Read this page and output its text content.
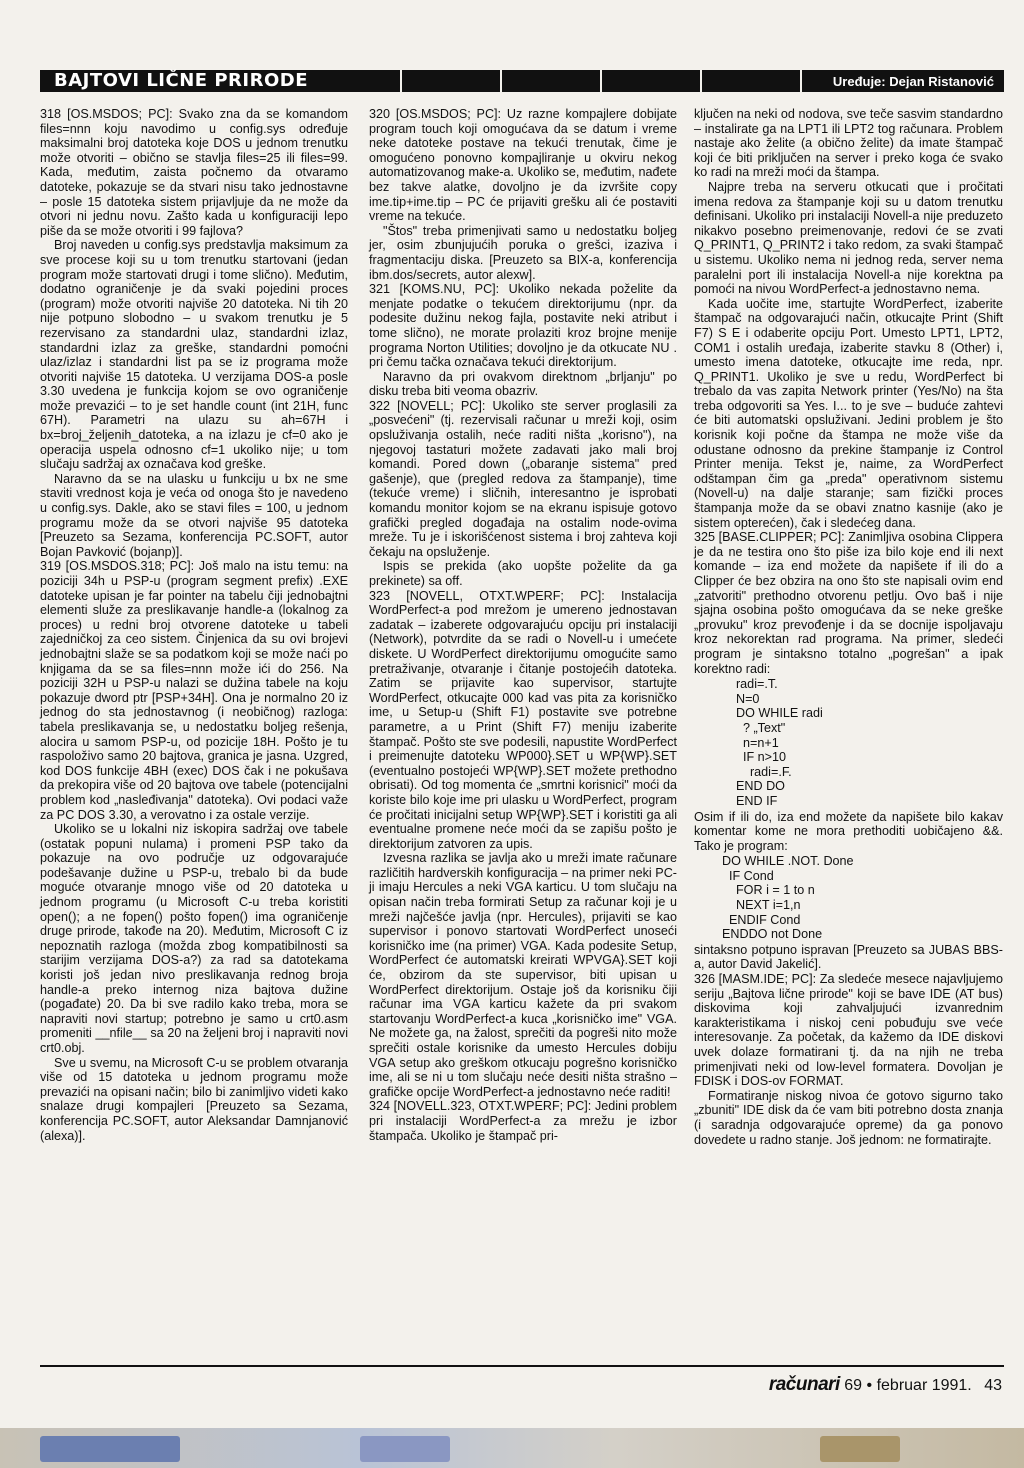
BAJTOVI LIČNE PRIRODE	Uređuje: Dejan Ristanović

318 [OS.MSDOS; PC]: Svako zna da se komandom files=nnn koju navodimo u config.sys određuje maksimalni broj datoteka koje DOS u jednom trenutku može otvoriti – obično se stavlja files=25 ili files=99. Kada, međutim, zaista počnemo da otvaramo datoteke, pokazuje se da stvari nisu tako jednostavne – posle 15 datoteka sistem prijavljuje da ne može da otvori ni jednu novu. Zašto kada u konfiguraciji lepo piše da se može otvoriti i 99 fajlova?

Broj naveden u config.sys predstavlja maksimum za sve procese koji su u tom trenutku startovani (jedan program može startovati drugi i tome slično). Međutim, dodatno ograničenje je da svaki pojedini proces (program) može otvoriti najviše 20 datoteka. Ni tih 20 nije potpuno slobodno – u svakom trenutku je 5 rezervisano za standardni ulaz, standardni izlaz, standardni izlaz za greške, standardni pomoćni ulaz/izlaz i standardni list pa se iz programa može otvoriti najviše 15 datoteka. U verzijama DOS-a posle 3.30 uvedena je funkcija kojom se ovo ograničenje može prevazići – to je set handle count (int 21H, func 67H). Parametri na ulazu su ah=67H i bx=broj_željenih_datoteka, a na izlazu je cf=0 ako je operacija uspela odnosno cf=1 ukoliko nije; u tom slučaju sadržaj ax označava kod greške.

Naravno da se na ulasku u funkciju u bx ne sme staviti vrednost koja je veća od onoga što je navedeno u config.sys. Dakle, ako se stavi files = 100, u jednom programu može da se otvori najviše 95 datoteka [Preuzeto sa Sezama, konferencija PC.SOFT, autor Bojan Pavković (bojanp)].

319 [OS.MSDOS.318; PC]: Još malo na istu temu: na poziciji 34h u PSP-u (program segment prefix) .EXE datoteke upisan je far pointer na tabelu čiji jednobajtni elementi služe za preslikavanje handle-a (lokalnog za proces) u redni broj otvorene datoteke u tabeli zajedničkoj za ceo sistem. Činjenica da su ovi brojevi jednobajtni slaže se sa podatkom koji se može naći po knjigama da se sa files=nnn može ići do 256. Na poziciji 32H u PSP-u nalazi se dužina tabele na koju pokazuje dword ptr [PSP+34H]. Ona je normalno 20 iz jednog do sta jednostavnog (i neobičnog) razloga: tabela preslikavanja se, u nedostatku boljeg rešenja, alocira u samom PSP-u, od pozicije 18H. Pošto je tu raspoloživo samo 20 bajtova, granica je jasna. Uzgred, kod DOS funkcije 4BH (exec) DOS čak i ne pokušava da prekopira više od 20 bajtova ove tabele (potencijalni problem kod „nasleđivanja" datoteka). Ovi podaci važe za PC DOS 3.30, a verovatno i za ostale verzije.

Ukoliko se u lokalni niz iskopira sadržaj ove tabele (ostatak popuni nulama) i promeni PSP tako da pokazuje na ovo područje uz odgovarajuće podešavanje dužine u PSP-u, trebalo bi da bude moguće otvaranje mnogo više od 20 datoteka u jednom programu (u Microsoft C-u treba koristiti open(); a ne fopen() pošto fopen() ima ograničenje druge prirode, takođe na 20). Međutim, Microsoft C iz nepoznatih razloga (možda zbog kompatibilnosti sa starijim verzijama DOS-a?) za rad sa datotekama koristi još jedan nivo preslikavanja rednog broja handle-a preko internog niza bajtova dužine (pogađate) 20. Da bi sve radilo kako treba, mora se napraviti novi startup; potrebno je samo u crt0.asm promeniti __nfile__ sa 20 na željeni broj i napraviti novi crt0.obj.

Sve u svemu, na Microsoft C-u se problem otvaranja više od 15 datoteka u jednom programu može prevazići na opisani način; bilo bi zanimljivo videti kako snalaze drugi kompajleri [Preuzeto sa Sezama, konferencija PC.SOFT, autor Aleksandar Damnjanović (alexa)].

320 [OS.MSDOS; PC]: Uz razne kompajlere dobijate program touch koji omogućava da se datum i vreme neke datoteke postave na tekući trenutak, čime je omogućeno ponovno kompajliranje u okviru nekog automatizovanog make-a. Ukoliko se, međutim, nađete bez takve alatke, dovoljno je da izvršite copy ime.tip+ime.tip – PC će prijaviti grešku ali će postaviti vreme na tekuće.

"Štos" treba primenjivati samo u nedostatku boljeg jer, osim zbunjujućih poruka o grešci, izaziva i fragmentaciju diska. [Preuzeto sa BIX-a, konferencija ibm.dos/secrets, autor alexw].

321 [KOMS.NU, PC]: Ukoliko nekada poželite da menjate podatke o tekućem direktorijumu (npr. da podesite dužinu nekog fajla, postavite neki atribut i tome slično), ne morate prolaziti kroz brojne menije programa Norton Utilities; dovoljno je da otkucate NU . pri čemu tačka označava tekući direktorijum.

Naravno da pri ovakvom direktnom „brljanju" po disku treba biti veoma obazriv.

322 [NOVELL; PC]: Ukoliko ste server proglasili za „posvećeni" (tj. rezervisali računar u mreži koji, osim opsluživanja ostalih, neće raditi ništa „korisno"), na njegovoj tastaturi možete zadavati jako mali broj komandi. Pored down („obaranje sistema" pred gašenje), que (pregled redova za štampanje), time (tekuće vreme) i sličnih, interesantno je isprobati komandu monitor kojom se na ekranu ispisuje gotovo grafički pregled događaja na ostalim node-ovima mreže. Tu je i iskorišćenost sistema i broj zahteva koji čekaju na opsluženje.

Ispis se prekida (ako uopšte poželite da ga prekinete) sa off.

323 [NOVELL, OTXT.WPERF; PC]: Instalacija WordPerfect-a pod mrežom je umereno jednostavan zadatak – izaberete odgovarajuću opciju pri instalaciji (Network), potvrdite da se radi o Novell-u i umećete diskete. U WordPerfect direktorijumu omogućite samo pretraživanje, otvaranje i čitanje postojećih datoteka. Zatim se prijavite kao supervisor, startujte WordPerfect, otkucajte 000 kad vas pita za korisničko ime, u Setup-u (Shift F1) postavite sve potrebne parametre, a u Print (Shift F7) meniju izaberite štampač. Pošto ste sve podesili, napustite WordPerfect i preimenujte datoteku WP000}.SET u WP{WP}.SET (eventualno postojeći WP{WP}.SET možete prethodno obrisati). Od tog momenta će „smrtni korisnici" moći da koriste bilo koje ime pri ulasku u WordPerfect, program će pročitati inicijalni setup WP{WP}.SET i koristiti ga ali eventualne promene neće moći da se zapišu pošto je direktorijum zatvoren za upis.

Izvesna razlika se javlja ako u mreži imate računare različitih hardverskih konfiguracija – na primer neki PC-ji imaju Hercules a neki VGA karticu. U tom slučaju na opisan način treba formirati Setup za računar koji je u mreži najčešće javlja (npr. Hercules), prijaviti se kao supervisor i ponovo startovati WordPerfect unoseći korisničko ime (na primer) VGA. Kada podesite Setup, WordPerfect će automatski kreirati WPVGA}.SET koji će, obzirom da ste supervisor, biti upisan u WordPerfect direktorijum. Ostaje još da korisniku čiji računar ima VGA karticu kažete da pri svakom startovanju WordPerfect-a kuca „korisničko ime" VGA. Ne možete ga, na žalost, sprečiti da pogreši nito može sprečiti ostale korisnike da umesto Hercules dobiju VGA setup ako greškom otkucaju pogrešno korisničko ime, ali se ni u tom slučaju neće desiti ništa strašno – grafičke opcije WordPerfect-a jednostavno neće raditi!

324 [NOVELL.323, OTXT.WPERF; PC]: Jedini problem pri instalaciji WordPerfect-a za mrežu je izbor štampača. Ukoliko je štampač pri-

ključen na neki od nodova, sve teče sasvim standardno – instalirate ga na LPT1 ili LPT2 tog računara. Problem nastaje ako želite (a obično želite) da imate štampač koji će biti priključen na server i preko koga će svako ko radi na mreži moći da štampa.

Najpre treba na serveru otkucati que i pročitati imena redova za štampanje koji su u datom trenutku definisani. Ukoliko pri instalaciji Novell-a nije preduzeto nikakvo posebno preimenovanje, redovi će se zvati Q_PRINT1, Q_PRINT2 i tako redom, za svaki štampač u sistemu. Ukoliko nema ni jednog reda, server nema paralelni port ili instalacija Novell-a nije korektna pa pomoći na nivou WordPerfect-a jednostavno nema.

Kada uočite ime, startujte WordPerfect, izaberite štampač na odgovarajući način, otkucajte Print (Shift F7) S E i odaberite opciju Port. Umesto LPT1, LPT2, COM1 i ostalih uređaja, izaberite stavku 8 (Other) i, umesto imena datoteke, otkucajte ime reda, npr. Q_PRINT1. Ukoliko je sve u redu, WordPerfect bi trebalo da vas zapita Network printer (Yes/No) na šta treba odgovoriti sa Yes. I... to je sve – buduće zahtevi će biti automatski opsluživani. Jedini problem je što korisnik koji počne da štampa ne može više da odustane odnosno da prekine štampanje iz Control Printer menija. Tekst je, naime, za WordPerfect odštampan čim ga „preda" operativnom sistemu (Novell-u) na dalje staranje; sam fizički proces štampanja može da se obavi znatno kasnije (ako je sistem opterećen), čak i sledećeg dana.

325 [BASE.CLIPPER; PC]: Zanimljiva osobina Clippera je da ne testira ono što piše iza bilo koje end ili next komande – iza end možete da napišete if ili do a Clipper će bez obzira na ono što ste napisali ovim end „zatvoriti" prethodno otvorenu petlju. Ovo baš i nije sjajna osobina pošto omogućava da se neke greške „provuku" kroz prevođenje i da se docnije ispoljavaju kroz nekorektan rad programa. Na primer, sledeći program je sintaksno totalno „pogrešan" a ipak korektno radi:

radi=.T.
N=0
DO WHILE radi
? „Text"
n=n+1
IF n>10
radi=.F.
END DO
END IF

Osim if ili do, iza end možete da napišete bilo kakav komentar kome ne mora prethoditi uobičajeno &&. Tako je program:

DO WHILE .NOT. Done
IF Cond
FOR i = 1 to n
NEXT i=1,n
ENDIF Cond
ENDDO not Done

sintaksno potpuno ispravan [Preuzeto sa JUBAS BBS-a, autor David Jakelić].

326 [MASM.IDE; PC]: Za sledeće mesece najavljujemo seriju „Bajtova lične prirode" koji se bave IDE (AT bus) diskovima koji zahvaljujući izvanrednim karakteristikama i niskoj ceni pobuđuju sve veće interesovanje. Za početak, da kažemo da IDE diskovi uvek dolaze formatirani tj. da na njih ne treba primenjivati neki od low-level formatera. Dovoljan je FDISK i DOS-ov FORMAT.

Formatiranje niskog nivoa će gotovo sigurno tako „zbuniti" IDE disk da će vam biti potrebno dosta znanja (i saradnja odgovarajuće opreme) da ga ponovo dovedete u radno stanje. Još jednom: ne formatirajte.

računari 69 • februar 1991. 43
